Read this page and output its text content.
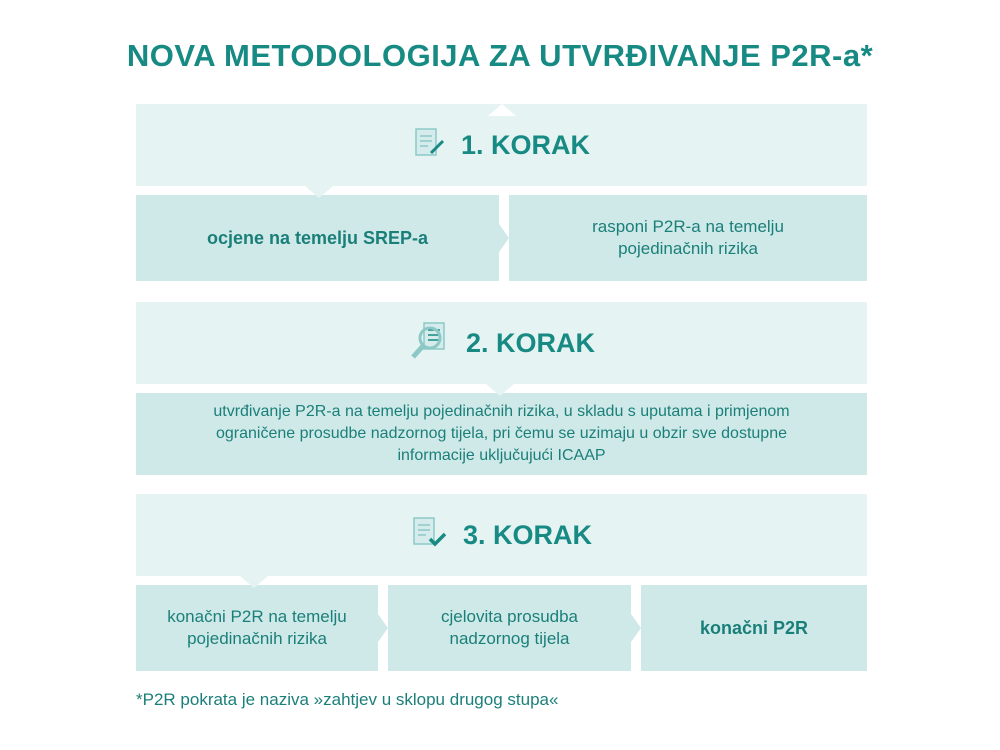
NOVA METODOLOGIJA ZA UTVRĐIVANJE P2R-a*
1. KORAK
ocjene na temelju SREP-a
rasponi P2R-a na temelju pojedinačnih rizika
2. KORAK
utvrđivanje P2R-a na temelju pojedinačnih rizika, u skladu s uputama i primjenom ograničene prosudbe nadzornog tijela, pri čemu se uzimaju u obzir sve dostupne informacije uključujući ICAAP
3. KORAK
konačni P2R na temelju pojedinačnih rizika
cjelovita prosudba nadzornog tijela
konačni P2R
*P2R pokrata je naziva »zahtjev u sklopu drugog stupa«
